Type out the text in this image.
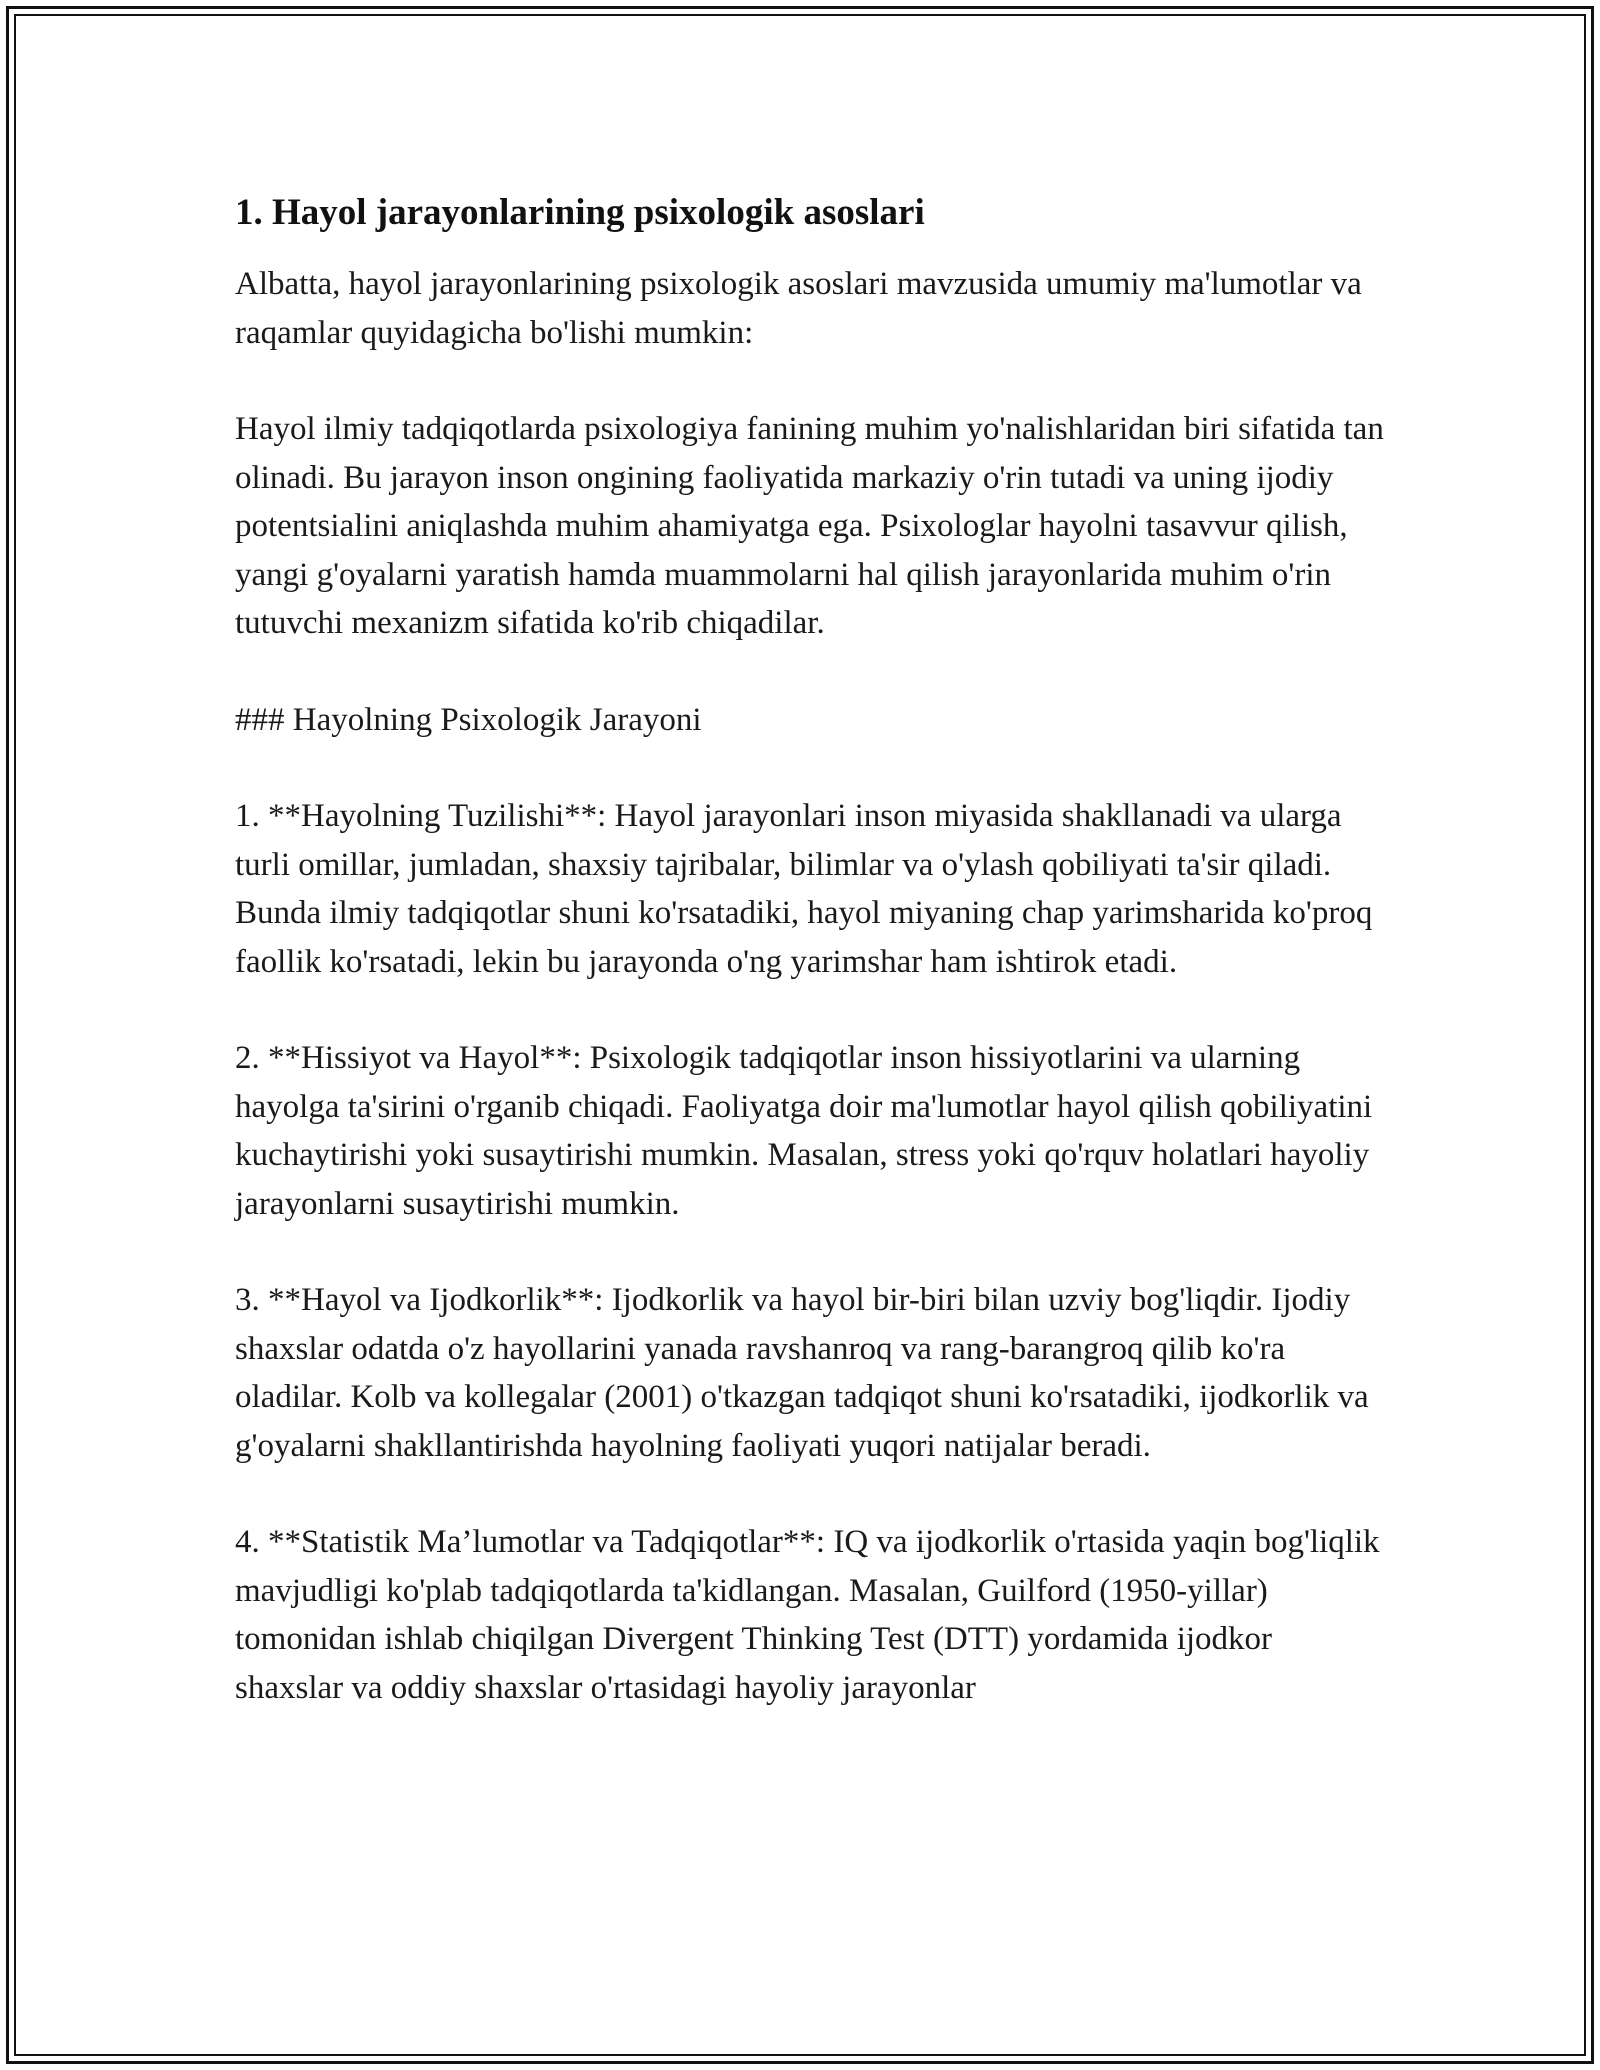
1. Hayol jarayonlarining psixologik asoslari

Albatta, hayol jarayonlarining psixologik asoslari mavzusida umumiy ma'lumotlar va raqamlar quyidagicha bo'lishi mumkin:

Hayol ilmiy tadqiqotlarda psixologiya fanining muhim yo'nalishlaridan biri sifatida tan olinadi. Bu jarayon inson ongining faoliyatida markaziy o'rin tutadi va uning ijodiy potentsialini aniqlashda muhim ahamiyatga ega. Psixologlar hayolni tasavvur qilish, yangi g'oyalarni yaratish hamda muammolarni hal qilish jarayonlarida muhim o'rin tutuvchi mexanizm sifatida ko'rib chiqadilar.

### Hayolning Psixologik Jarayoni

1. **Hayolning Tuzilishi**: Hayol jarayonlari inson miyasida shakllanadi va ularga turli omillar, jumladan, shaxsiy tajribalar, bilimlar va o'ylash qobiliyati ta'sir qiladi. Bunda ilmiy tadqiqotlar shuni ko'rsatadiki, hayol miyaning chap yarimsharida ko'proq faollik ko'rsatadi, lekin bu jarayonda o'ng yarimshar ham ishtirok etadi.

2. **Hissiyot va Hayol**: Psixologik tadqiqotlar inson hissiyotlarini va ularning hayolga ta'sirini o'rganib chiqadi. Faoliyatga doir ma'lumotlar hayol qilish qobiliyatini kuchaytirishi yoki susaytirishi mumkin. Masalan, stress yoki qo'rquv holatlari hayoliy jarayonlarni susaytirishi mumkin.

3. **Hayol va Ijodkorlik**: Ijodkorlik va hayol bir-biri bilan uzviy bog'liqdir. Ijodiy shaxslar odatda o'z hayollarini yanada ravshanroq va rang-barangroq qilib ko'ra oladilar. Kolb va kollegalar (2001) o'tkazgan tadqiqot shuni ko'rsatadiki, ijodkorlik va g'oyalarni shakllantirishda hayolning faoliyati yuqori natijalar beradi.

4. **Statistik Ma’lumotlar va Tadqiqotlar**: IQ va ijodkorlik o'rtasida yaqin bog'liqlik mavjudligi ko'plab tadqiqotlarda ta'kidlangan. Masalan, Guilford (1950-yillar) tomonidan ishlab chiqilgan Divergent Thinking Test (DTT) yordamida ijodkor shaxslar va oddiy shaxslar o'rtasidagi hayoliy jarayonlar
